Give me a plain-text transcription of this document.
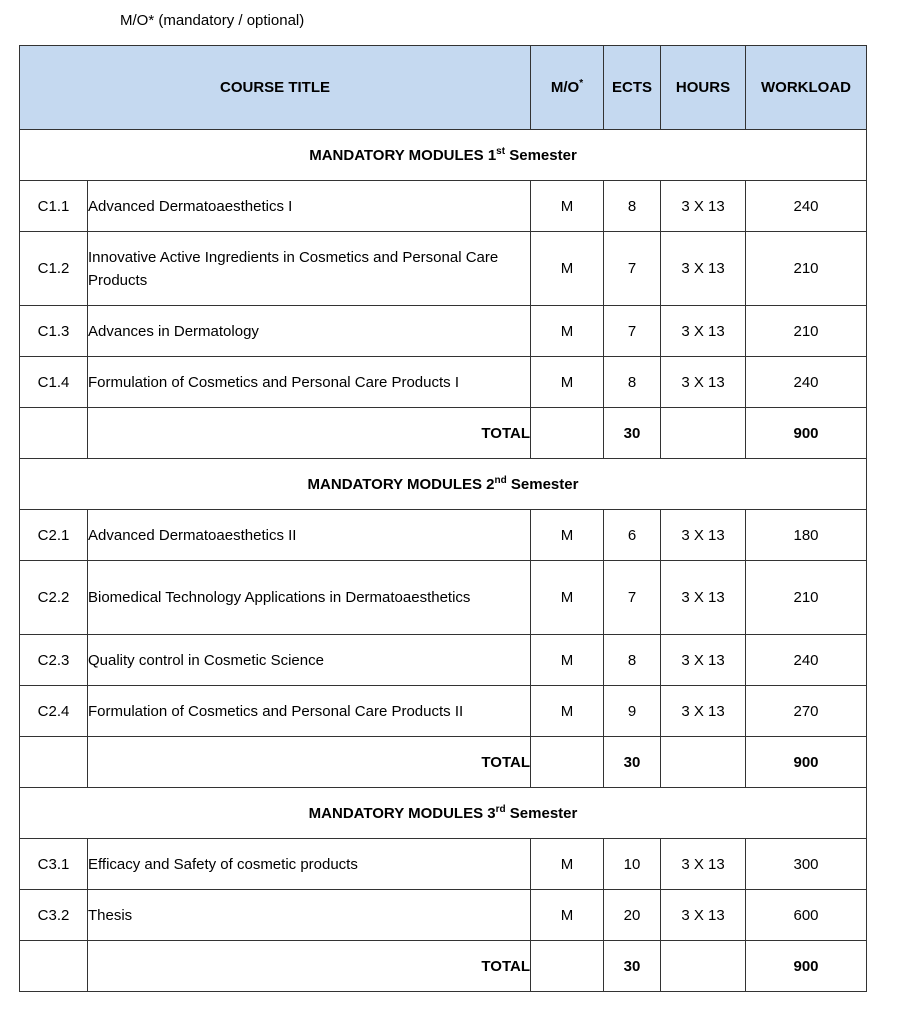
M/O* (mandatory / optional)
COURSE TITLE		M/O*	ECTS	HOURS	WORKLOAD
MANDATORY MODULES 1st Semester					
C1.1	Advanced Dermatoaesthetics I	M	8	3 X 13	240
C1.2	Innovative Active Ingredients in Cosmetics and Personal Care Products	M	7	3 X 13	210
C1.3	Advances in Dermatology	M	7	3 X 13	210
C1.4	Formulation of Cosmetics and Personal Care Products I	M	8	3 X 13	240
	TOTAL		30		900
MANDATORY MODULES 2nd Semester					
C2.1	Advanced Dermatoaesthetics II	M	6	3 X 13	180
C2.2	Biomedical Technology Applications in Dermatoaesthetics	M	7	3 X 13	210
C2.3	Quality control in Cosmetic Science	M	8	3 X 13	240
C2.4	Formulation of Cosmetics and Personal Care Products II	M	9	3 X 13	270
	TOTAL		30		900
MANDATORY MODULES 3rd Semester					
C3.1	Efficacy and Safety of cosmetic products	M	10	3 X 13	300
C3.2	Thesis	M	20	3 X 13	600
	TOTAL		30		900
